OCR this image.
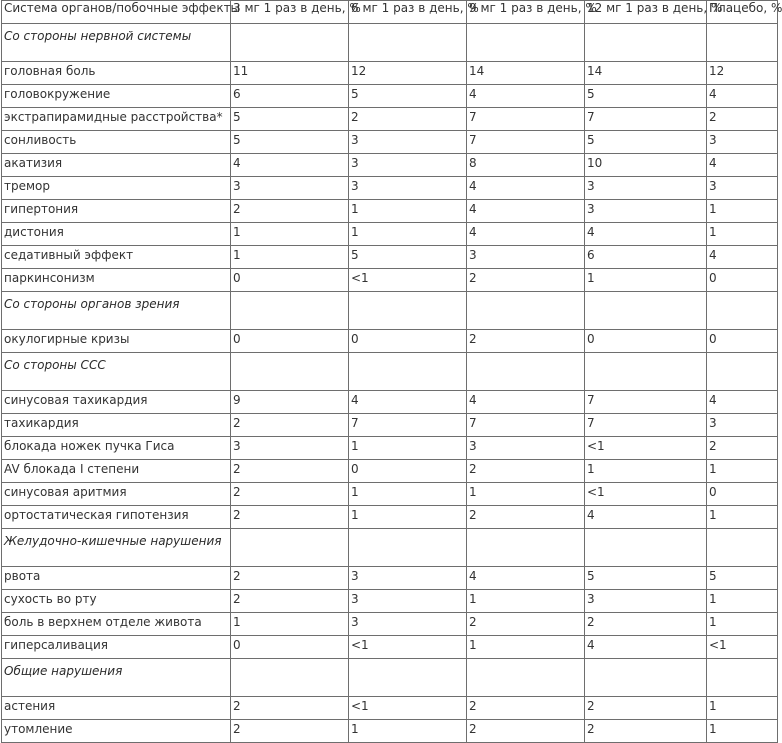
Система органов/побочные эффекты	3 мг 1 раз в день, %	6 мг 1 раз в день, %	9 мг 1 раз в день, %	12 мг 1 раз в день, %	Плацебо, %
Со стороны нервной системы					
головная боль	11	12	14	14	12
головокружение	6	5	4	5	4
экстрапирамидные расстройства*	5	2	7	7	2
сонливость	5	3	7	5	3
акатизия	4	3	8	10	4
тремор	3	3	4	3	3
гипертония	2	1	4	3	1
дистония	1	1	4	4	1
седативный эффект	1	5	3	6	4
паркинсонизм	0	<1	2	1	0
Со стороны органов зрения					
окулогирные кризы	0	0	2	0	0
Со стороны ССС					
синусовая тахикардия	9	4	4	7	4
тахикардия	2	7	7	7	3
блокада ножек пучка Гиса	3	1	3	<1	2
AV блокада I степени	2	0	2	1	1
синусовая аритмия	2	1	1	<1	0
ортостатическая гипотензия	2	1	2	4	1
Желудочно-кишечные нарушения					
рвота	2	3	4	5	5
сухость во рту	2	3	1	3	1
боль в верхнем отделе живота	1	3	2	2	1
гиперсаливация	0	<1	1	4	<1
Общие нарушения					
астения	2	<1	2	2	1
утомление	2	1	2	2	1
